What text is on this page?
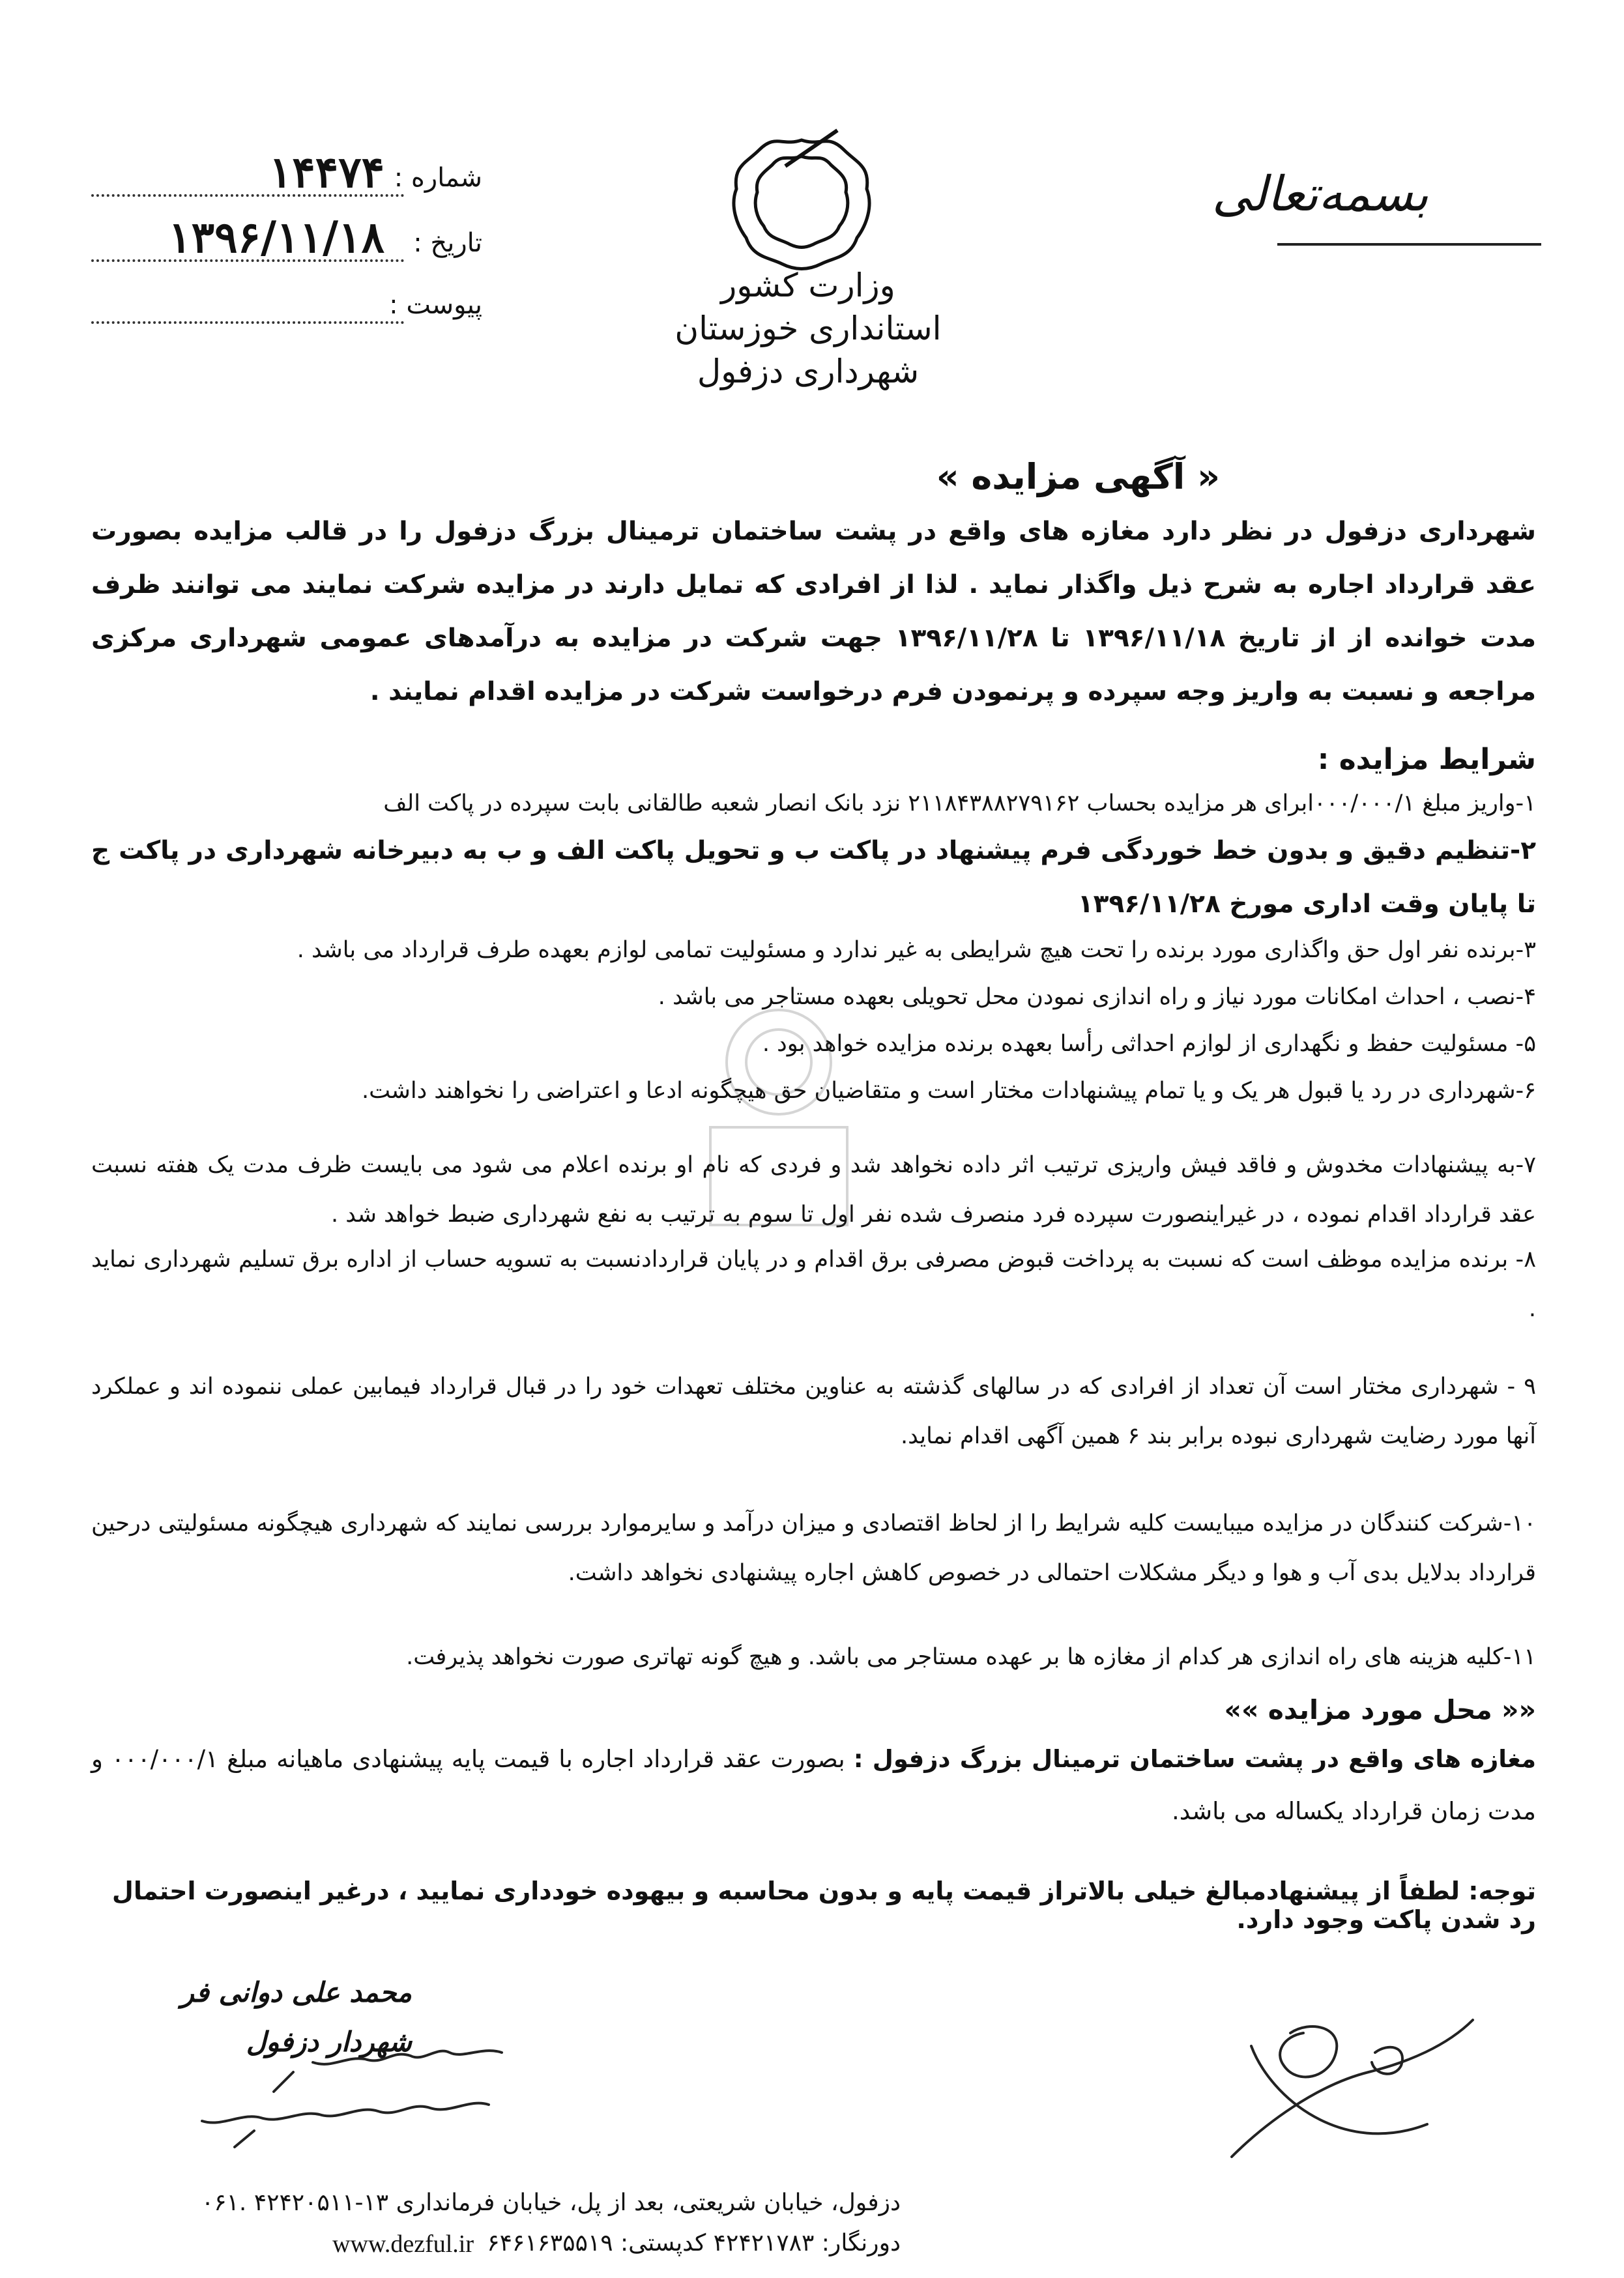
بسمه‌تعالی
وزارت کشور
استانداری خوزستان
شهرداری دزفول
شماره :
۱۴۴۷۴
تاریخ :
۱۳۹۶/۱۱/۱۸
پیوست :
« آگهی مزایده »
شهرداری دزفول در نظر دارد مغازه های واقع در پشت ساختمان ترمینال بزرگ دزفول را در قالب مزایده بصورت عقد قرارداد اجاره به شرح ذیل واگذار نماید . لذا از افرادی که تمایل دارند در مزایده شرکت نمایند می توانند ظرف مدت خوانده از از تاریخ ۱۳۹۶/۱۱/۱۸ تا ۱۳۹۶/۱۱/۲۸ جهت شرکت در مزایده به درآمدهای عمومی شهرداری مرکزی مراجعه و نسبت به واریز وجه سپرده و پرنمودن فرم درخواست شرکت در مزایده اقدام نمایند .
شرایط مزایده :
۱-واریز مبلغ ۰۰۰/۰۰۰/۱ابرای هر مزایده بحساب ۲۱۱۸۴۳۸۸۲۷۹۱۶۲ نزد بانک انصار شعبه طالقانی بابت سپرده در پاکت الف
۲-تنظیم دقیق و بدون خط خوردگی فرم پیشنهاد در پاکت ب و تحویل پاکت الف و ب به دبیرخانه شهرداری در پاکت ج تا پایان وقت اداری مورخ ۱۳۹۶/۱۱/۲۸
۳-برنده نفر اول حق واگذاری مورد برنده را تحت هیچ شرایطی به غیر ندارد و مسئولیت تمامی لوازم بعهده طرف قرارداد می باشد .
۴-نصب ، احداث امکانات مورد نیاز و راه اندازی نمودن محل تحویلی بعهده مستاجر می باشد .
۵- مسئولیت حفظ و نگهداری از لوازم احداثی رأسا بعهده برنده مزایده خواهد بود .
۶-شهرداری در رد یا قبول هر یک و یا تمام پیشنهادات مختار است و متقاضیان حق هیچگونه ادعا و اعتراضی را نخواهند داشت.
۷-به پیشنهادات مخدوش و فاقد فیش واریزی ترتیب اثر داده نخواهد شد و فردی که نام او برنده اعلام می شود می بایست ظرف مدت یک هفته نسبت عقد قرارداد اقدام نموده ، در غیراینصورت سپرده فرد منصرف شده نفر اول تا سوم به ترتیب به نفع شهرداری ضبط خواهد شد .
۸- برنده مزایده موظف است که نسبت به پرداخت قبوض مصرفی برق اقدام و در پایان قراردادنسبت به تسویه حساب از اداره برق تسلیم شهرداری نماید .
۹ - شهرداری مختار است آن تعداد از افرادی که در سالهای گذشته به عناوین مختلف تعهدات خود را در قبال قرارداد فیمابین عملی ننموده اند و عملکرد آنها مورد رضایت شهرداری نبوده برابر بند ۶ همین آگهی اقدام نماید.
۱۰-شرکت کنندگان در مزایده میبایست کلیه شرایط را از لحاظ اقتصادی و میزان درآمد و سایرموارد بررسی نمایند که شهرداری هیچگونه مسئولیتی درحین قرارداد بدلایل بدی آب و هوا و دیگر مشکلات احتمالی در خصوص کاهش اجاره پیشنهادی نخواهد داشت.
۱۱-کلیه هزینه های راه اندازی هر کدام از مغازه ها بر عهده مستاجر می باشد. و هیچ گونه تهاتری صورت نخواهد پذیرفت.
«« محل مورد مزایده »»
مغازه های واقع در پشت ساختمان ترمینال بزرگ دزفول : بصورت عقد قرارداد اجاره با قیمت پایه پیشنهادی ماهیانه مبلغ ۰۰۰/۰۰۰/۱ و مدت زمان قرارداد یکساله می باشد.
توجه: لطفاً از پیشنهادمبالغ خیلی بالاتراز قیمت پایه و بدون محاسبه و بیهوده خودداری نمایید ، درغیر اینصورت احتمال رد شدن پاکت وجود دارد.
محمد علی دوانی فر
شهردار دزفول
دزفول، خیابان شریعتی، بعد از پل، خیابان فرمانداری ۱۳-۴۲۴۲۰۵۱۱ .۰۶۱
دورنگار: ۴۲۴۲۱۷۸۳ کدپستی: ۶۴۶۱۶۳۵۵۱۹
www.dezful.ir
